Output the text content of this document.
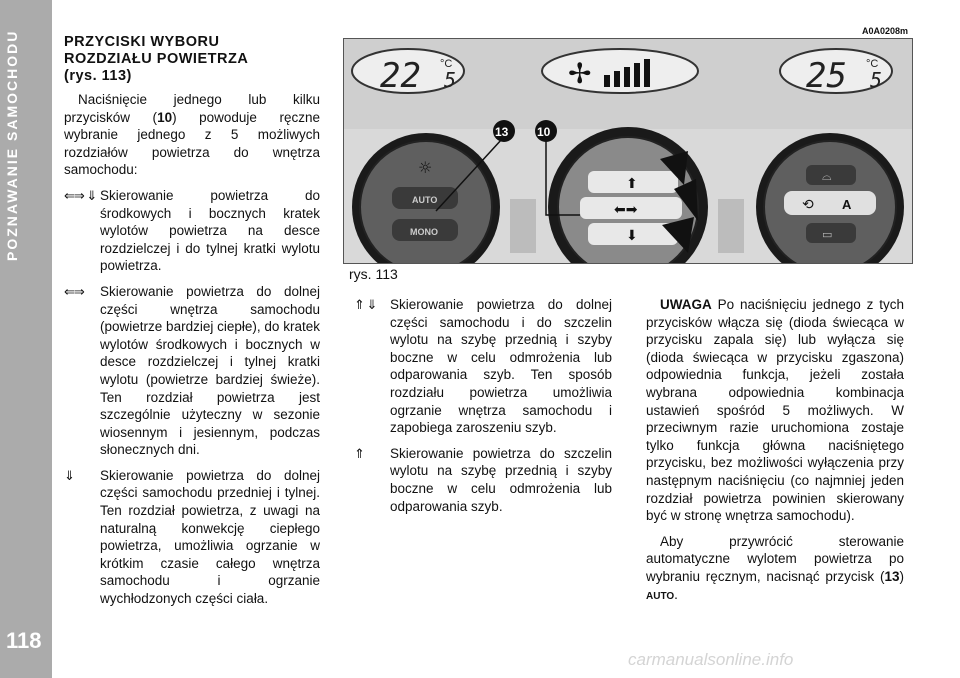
POZNAWANIE SAMOCHODU
118
PRZYCISKI WYBORU
ROZDZIAŁU POWIETRZA
(rys. 113)

Naciśnięcie jednego lub kilku przycisków (10) powoduje ręczne wybranie jednego z 5 możliwych rozdziałów powietrza do wnętrza samochodu:

⇐⇒ ⇓ Skierowanie powietrza do środkowych i bocznych kratek wylotów powietrza na desce rozdzielczej i do tylnej kratki wylotu powietrza.
⇐⇒	Skierowanie powietrza do dolnej części wnętrza samochodu (powietrze bardziej ciepłe), do kratek wylotów środkowych i bocznych w desce rozdzielczej i tylnej kratki wylotu (powietrze bardziej świeże). Ten rozdział powietrza jest szczególnie użyteczny w sezonie wiosennym i jesiennym, podczas słonecznych dni.
⇓	Skierowanie powietrza do dolnej części samochodu przedniej i tylnej. Ten rozdział powietrza, z uwagi na naturalną konwekcję ciepłego powietrza, umożliwia ogrzanie w krótkim czasie całego wnętrza samochodu i ogrzanie wychłodzonych części ciała.
A0A0208m
22 °C
5	✢	25 °C
5
☼
AUTO
MONO
⬆
⬅➡
⬇
⌓
⟲ A
▭
13 10
rys. 113
⇑ ⇓	Skierowanie powietrza do dolnej części samochodu i do szczelin wylotu na szybę przednią i szyby boczne w celu odmrożenia lub odparowania szyb. Ten sposób rozdziału powietrza umożliwia ogrzanie wnętrza samochodu i zapobiega zaroszeniu szyb.
⇑	Skierowanie powietrza do szczelin wylotu na szybę przednią i szyby boczne w celu odmrożenia lub odparowania szyb.

UWAGA Po naciśnięciu jednego z tych przycisków włącza się (dioda świecąca w przycisku zapala się) lub wyłącza się (dioda świecąca w przycisku zgaszona) odpowiednia funkcja, jeżeli została wybrana odpowiednia kombinacja ustawień spośród 5 możliwych. W przeciwnym razie uruchomiona zostaje tylko funkcja główna naciśniętego przycisku, bez możliwości wyłączenia przy następnym naciśnięciu (co najmniej jeden rozdział powietrza powinien skierowany być w stronę wnętrza samochodu).

Aby przywrócić sterowanie automatyczne wylotem powietrza po wybraniu ręcznym, nacisnąć przycisk (13) AUTO.

carmanualsonline.info
